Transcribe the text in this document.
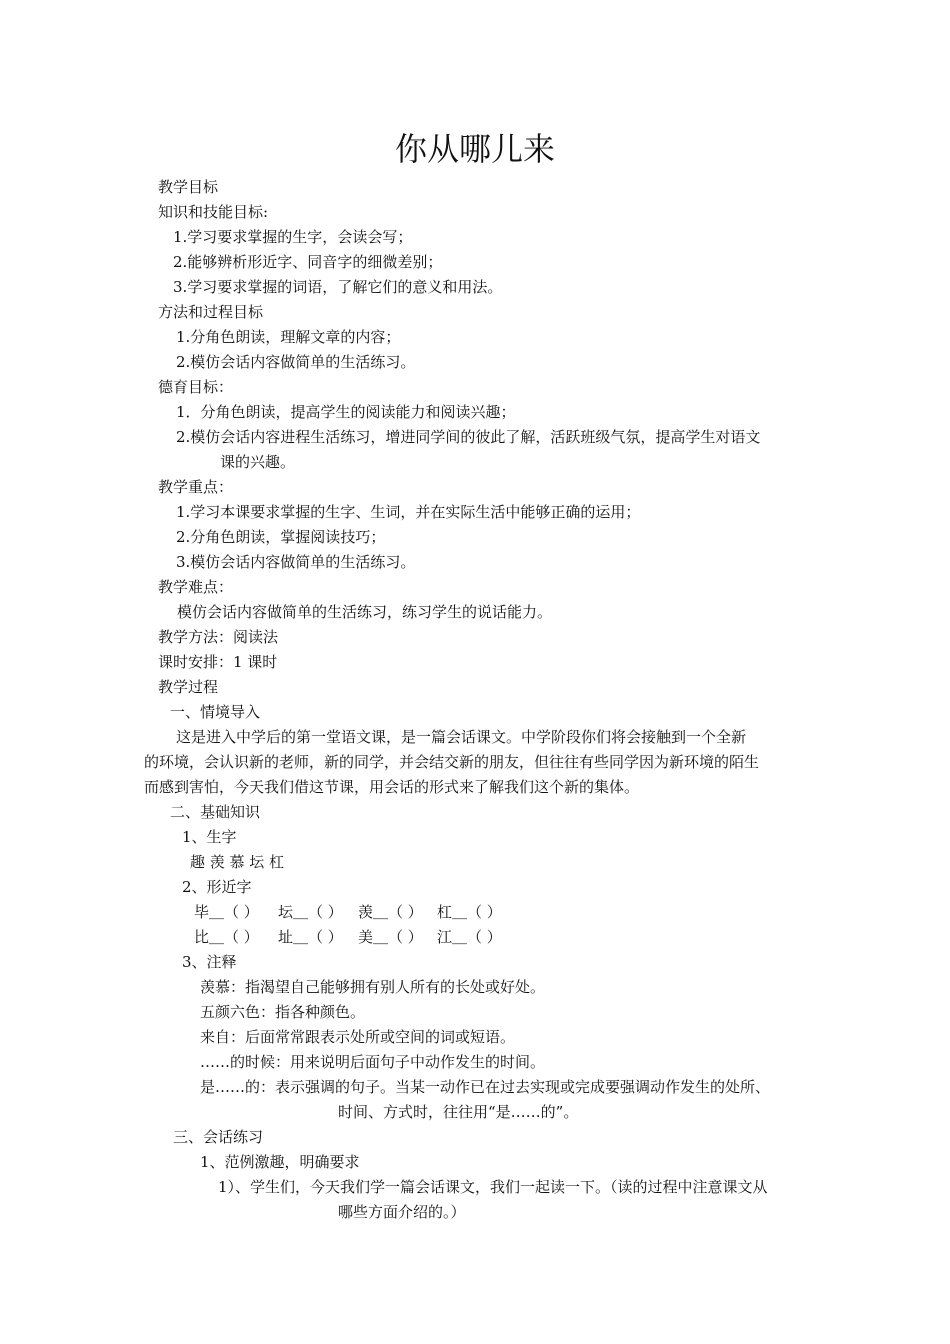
你从哪儿来
教学目标
知识和技能目标:
1.学习要求掌握的生字，会读会写；
2.能够辨析形近字、同音字的细微差别；
3.学习要求掌握的词语，了解它们的意义和用法。
方法和过程目标
1.分角色朗读，理解文章的内容；
2.模仿会话内容做简单的生活练习。
德育目标：
1．分角色朗读，提高学生的阅读能力和阅读兴趣；
2.模仿会话内容进程生活练习，增进同学间的彼此了解，活跃班级气氛，提高学生对语文
课的兴趣。
教学重点：
1.学习本课要求掌握的生字、生词，并在实际生活中能够正确的运用；
2.分角色朗读，掌握阅读技巧；
3.模仿会话内容做简单的生活练习。
教学难点：
模仿会话内容做简单的生活练习，练习学生的说话能力。
教学方法：阅读法
课时安排：1 课时
教学过程
一、情境导入
这是进入中学后的第一堂语文课，是一篇会话课文。中学阶段你们将会接触到一个全新
的环境，会认识新的老师，新的同学，并会结交新的朋友，但往往有些同学因为新环境的陌生
而感到害怕，今天我们借这节课，用会话的形式来了解我们这个新的集体。
二、基础知识
1、生字
趣 羡 慕 坛 杠
2、形近字
毕＿（ ） 坛＿（ ） 羡＿（ ） 杠＿（ ）
比＿（ ） 址＿（ ） 美＿（ ） 江＿（ ）
3、注释
羡慕：指渴望自己能够拥有别人所有的长处或好处。
五颜六色：指各种颜色。
来自：后面常常跟表示处所或空间的词或短语。
……的时候：用来说明后面句子中动作发生的时间。
是……的：表示强调的句子。当某一动作已在过去实现或完成要强调动作发生的处所、
时间、方式时，往往用“是……的”。
三、会话练习
1、范例激趣，明确要求
1）、学生们，今天我们学一篇会话课文，我们一起读一下。（读的过程中注意课文从
哪些方面介绍的。）
